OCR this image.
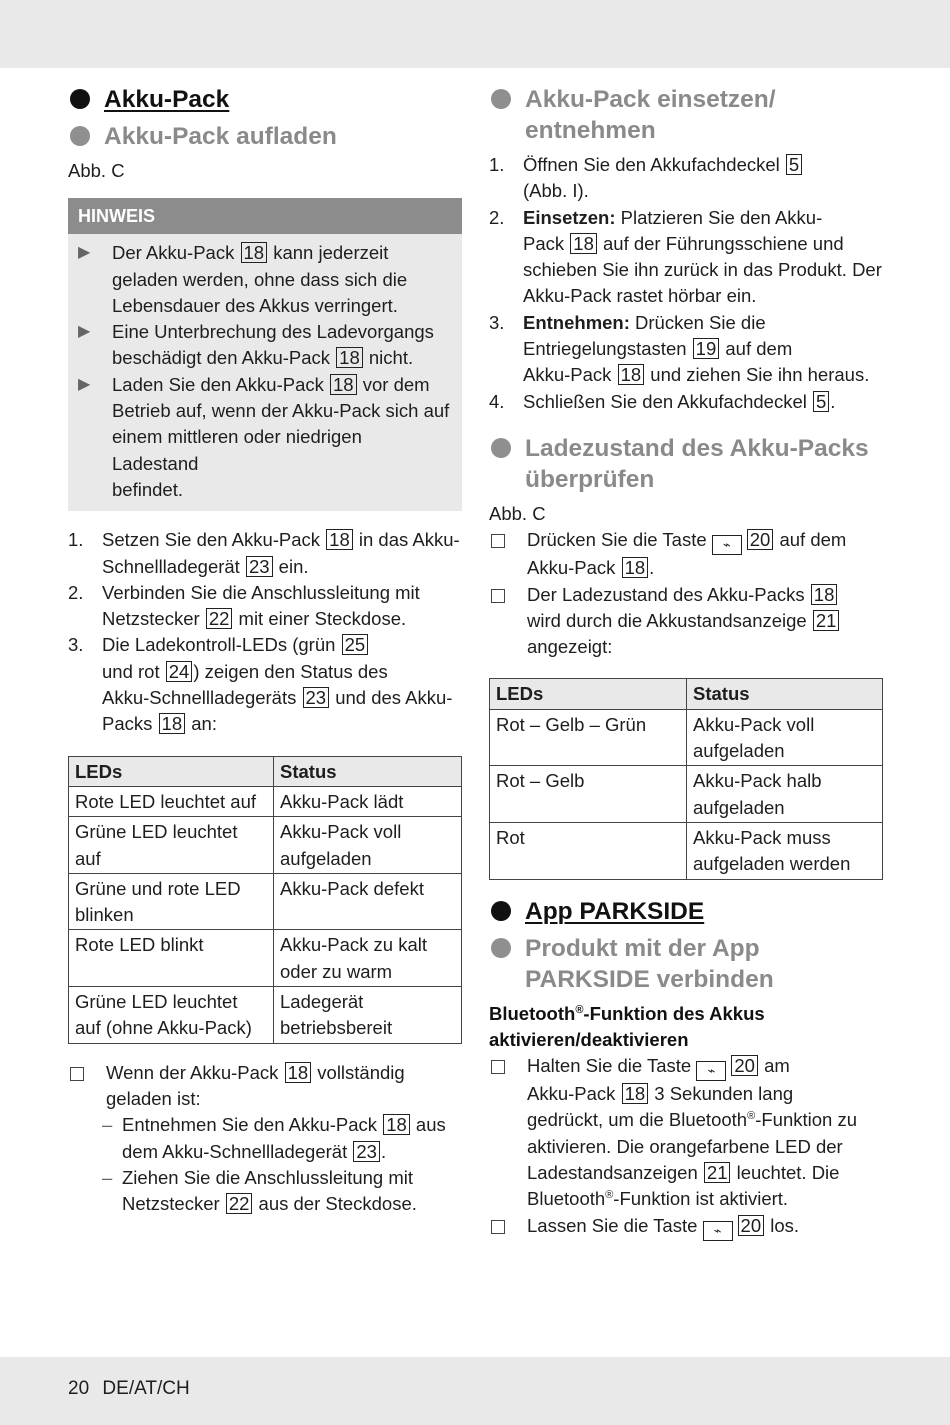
Akku-Pack
Akku-Pack aufladen
Abb. C
HINWEIS
▶	Der Akku-Pack 18 kann jederzeit
geladen werden, ohne dass sich die
Lebensdauer des Akkus verringert.
▶	Eine Unterbrechung des Ladevorgangs
beschädigt den Akku-Pack 18 nicht.
▶	Laden Sie den Akku-Pack 18 vor dem
Betrieb auf, wenn der Akku-Pack sich auf
einem mittleren oder niedrigen Ladestand
befindet.
1.	Setzen Sie den Akku-Pack 18 in das Akku-
Schnellladegerät 23 ein.
2.	Verbinden Sie die Anschlussleitung mit
Netzstecker 22 mit einer Steckdose.
3.	Die Ladekontroll-LEDs (grün 25
und rot 24 ) zeigen den Status des
Akku-Schnellladegeräts 23 und des Akku-
Packs 18 an:
LEDs	Status
Rote LED leuchtet auf	Akku-Pack lädt
Grüne LED leuchtet auf	Akku-Pack voll aufgeladen
Grüne und rote LED blinken	Akku-Pack defekt
Rote LED blinkt	Akku-Pack zu kalt oder zu warm
Grüne LED leuchtet auf (ohne Akku-Pack)	Ladegerät betriebsbereit
Wenn der Akku-Pack 18 vollständig
geladen ist:
– Entnehmen Sie den Akku-Pack 18 aus
dem Akku-Schnellladegerät 23 .
– Ziehen Sie die Anschlussleitung mit
Netzstecker 22 aus der Steckdose.
Akku-Pack einsetzen/
entnehmen
1.	Öffnen Sie den Akkufachdeckel 5
(Abb. I).
2.	Einsetzen: Platzieren Sie den Akku-
Pack 18 auf der Führungsschiene und
schieben Sie ihn zurück in das Produkt. Der
Akku-Pack rastet hörbar ein.
3.	Entnehmen: Drücken Sie die
Entriegelungstasten 19 auf dem
Akku-Pack 18 und ziehen Sie ihn heraus.
4.	Schließen Sie den Akkufachdeckel 5 .
Ladezustand des Akku-Packs
überprüfen
Abb. C
Drücken Sie die Taste ⌁ 20 auf dem
Akku-Pack 18 .
Der Ladezustand des Akku-Packs 18
wird durch die Akkustandsanzeige 21
angezeigt:
LEDs	Status
Rot – Gelb – Grün	Akku-Pack voll aufgeladen
Rot – Gelb	Akku-Pack halb aufgeladen
Rot	Akku-Pack muss aufgeladen werden
App PARKSIDE
Produkt mit der App
PARKSIDE verbinden
Bluetooth®-Funktion des Akkus
aktivieren/deaktivieren
Halten Sie die Taste ⌁ 20 am
Akku-Pack 18 3 Sekunden lang
gedrückt, um die Bluetooth®-Funktion zu
aktivieren. Die orangefarbene LED der
Ladestandsanzeigen 21 leuchtet. Die
Bluetooth®-Funktion ist aktiviert.
Lassen Sie die Taste ⌁ 20 los.
20 DE/AT/CH
